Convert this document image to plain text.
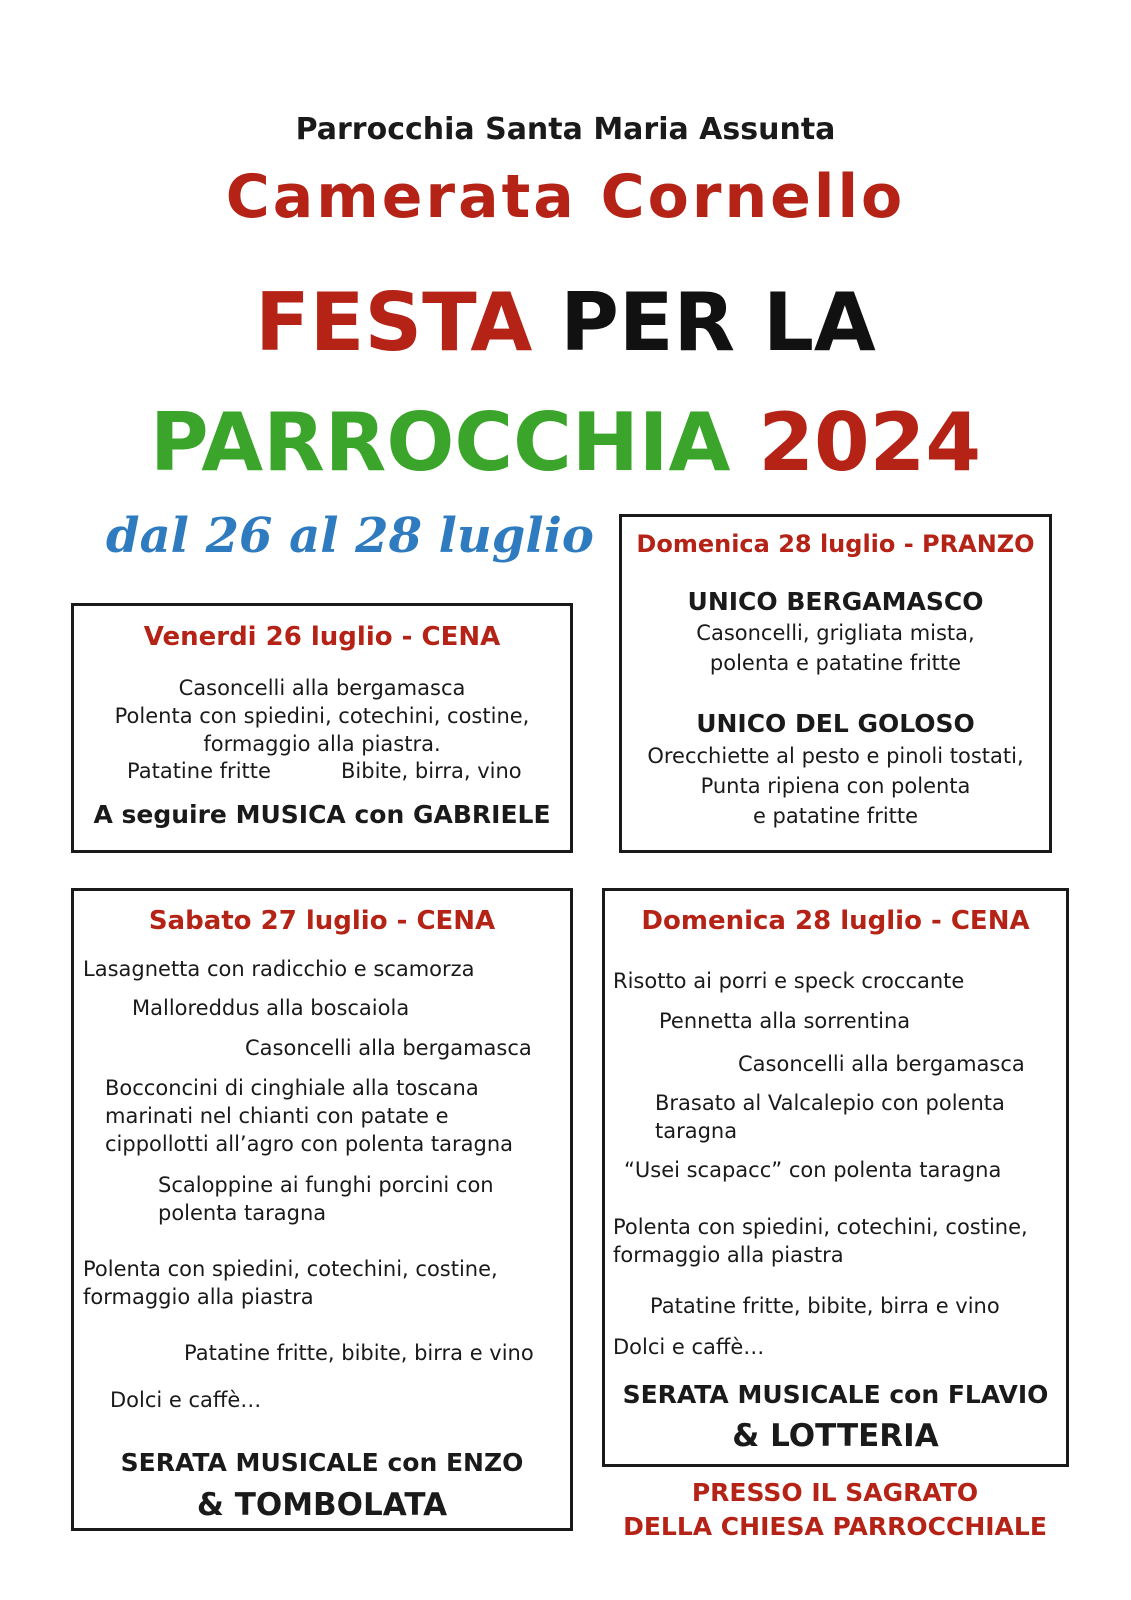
Parrocchia Santa Maria Assunta
Camerata Cornello
FESTA PER LA
PARROCCHIA 2024
dal 26 al 28 luglio
Venerdi 26 luglio - CENA
Casoncelli alla bergamasca
Polenta con spiedini, cotechini, costine,
formaggio alla piastra.
Patatine fritte	Bibite, birra, vino
A seguire MUSICA con GABRIELE
Domenica 28 luglio - PRANZO
UNICO BERGAMASCO
Casoncelli, grigliata mista,
polenta e patatine fritte
UNICO DEL GOLOSO
Orecchiette al pesto e pinoli tostati,
Punta ripiena con polenta
e patatine fritte
Sabato 27 luglio - CENA
Lasagnetta con radicchio e scamorza
Malloreddus alla boscaiola
Casoncelli alla bergamasca
Bocconcini di cinghiale alla toscana
marinati nel chianti con patate e
cippollotti all’agro con polenta taragna
Scaloppine ai funghi porcini con
polenta taragna
Polenta con spiedini, cotechini, costine,
formaggio alla piastra
Patatine fritte, bibite, birra e vino
Dolci e caffè…
SERATA MUSICALE con ENZO
& TOMBOLATA
Domenica 28 luglio - CENA
Risotto ai porri e speck croccante
Pennetta alla sorrentina
Casoncelli alla bergamasca
Brasato al Valcalepio con polenta
taragna
“Usei scapacc” con polenta taragna
Polenta con spiedini, cotechini, costine,
formaggio alla piastra
Patatine fritte, bibite, birra e vino
Dolci e caffè…
SERATA MUSICALE con FLAVIO
& LOTTERIA
PRESSO IL SAGRATO
DELLA CHIESA PARROCCHIALE
